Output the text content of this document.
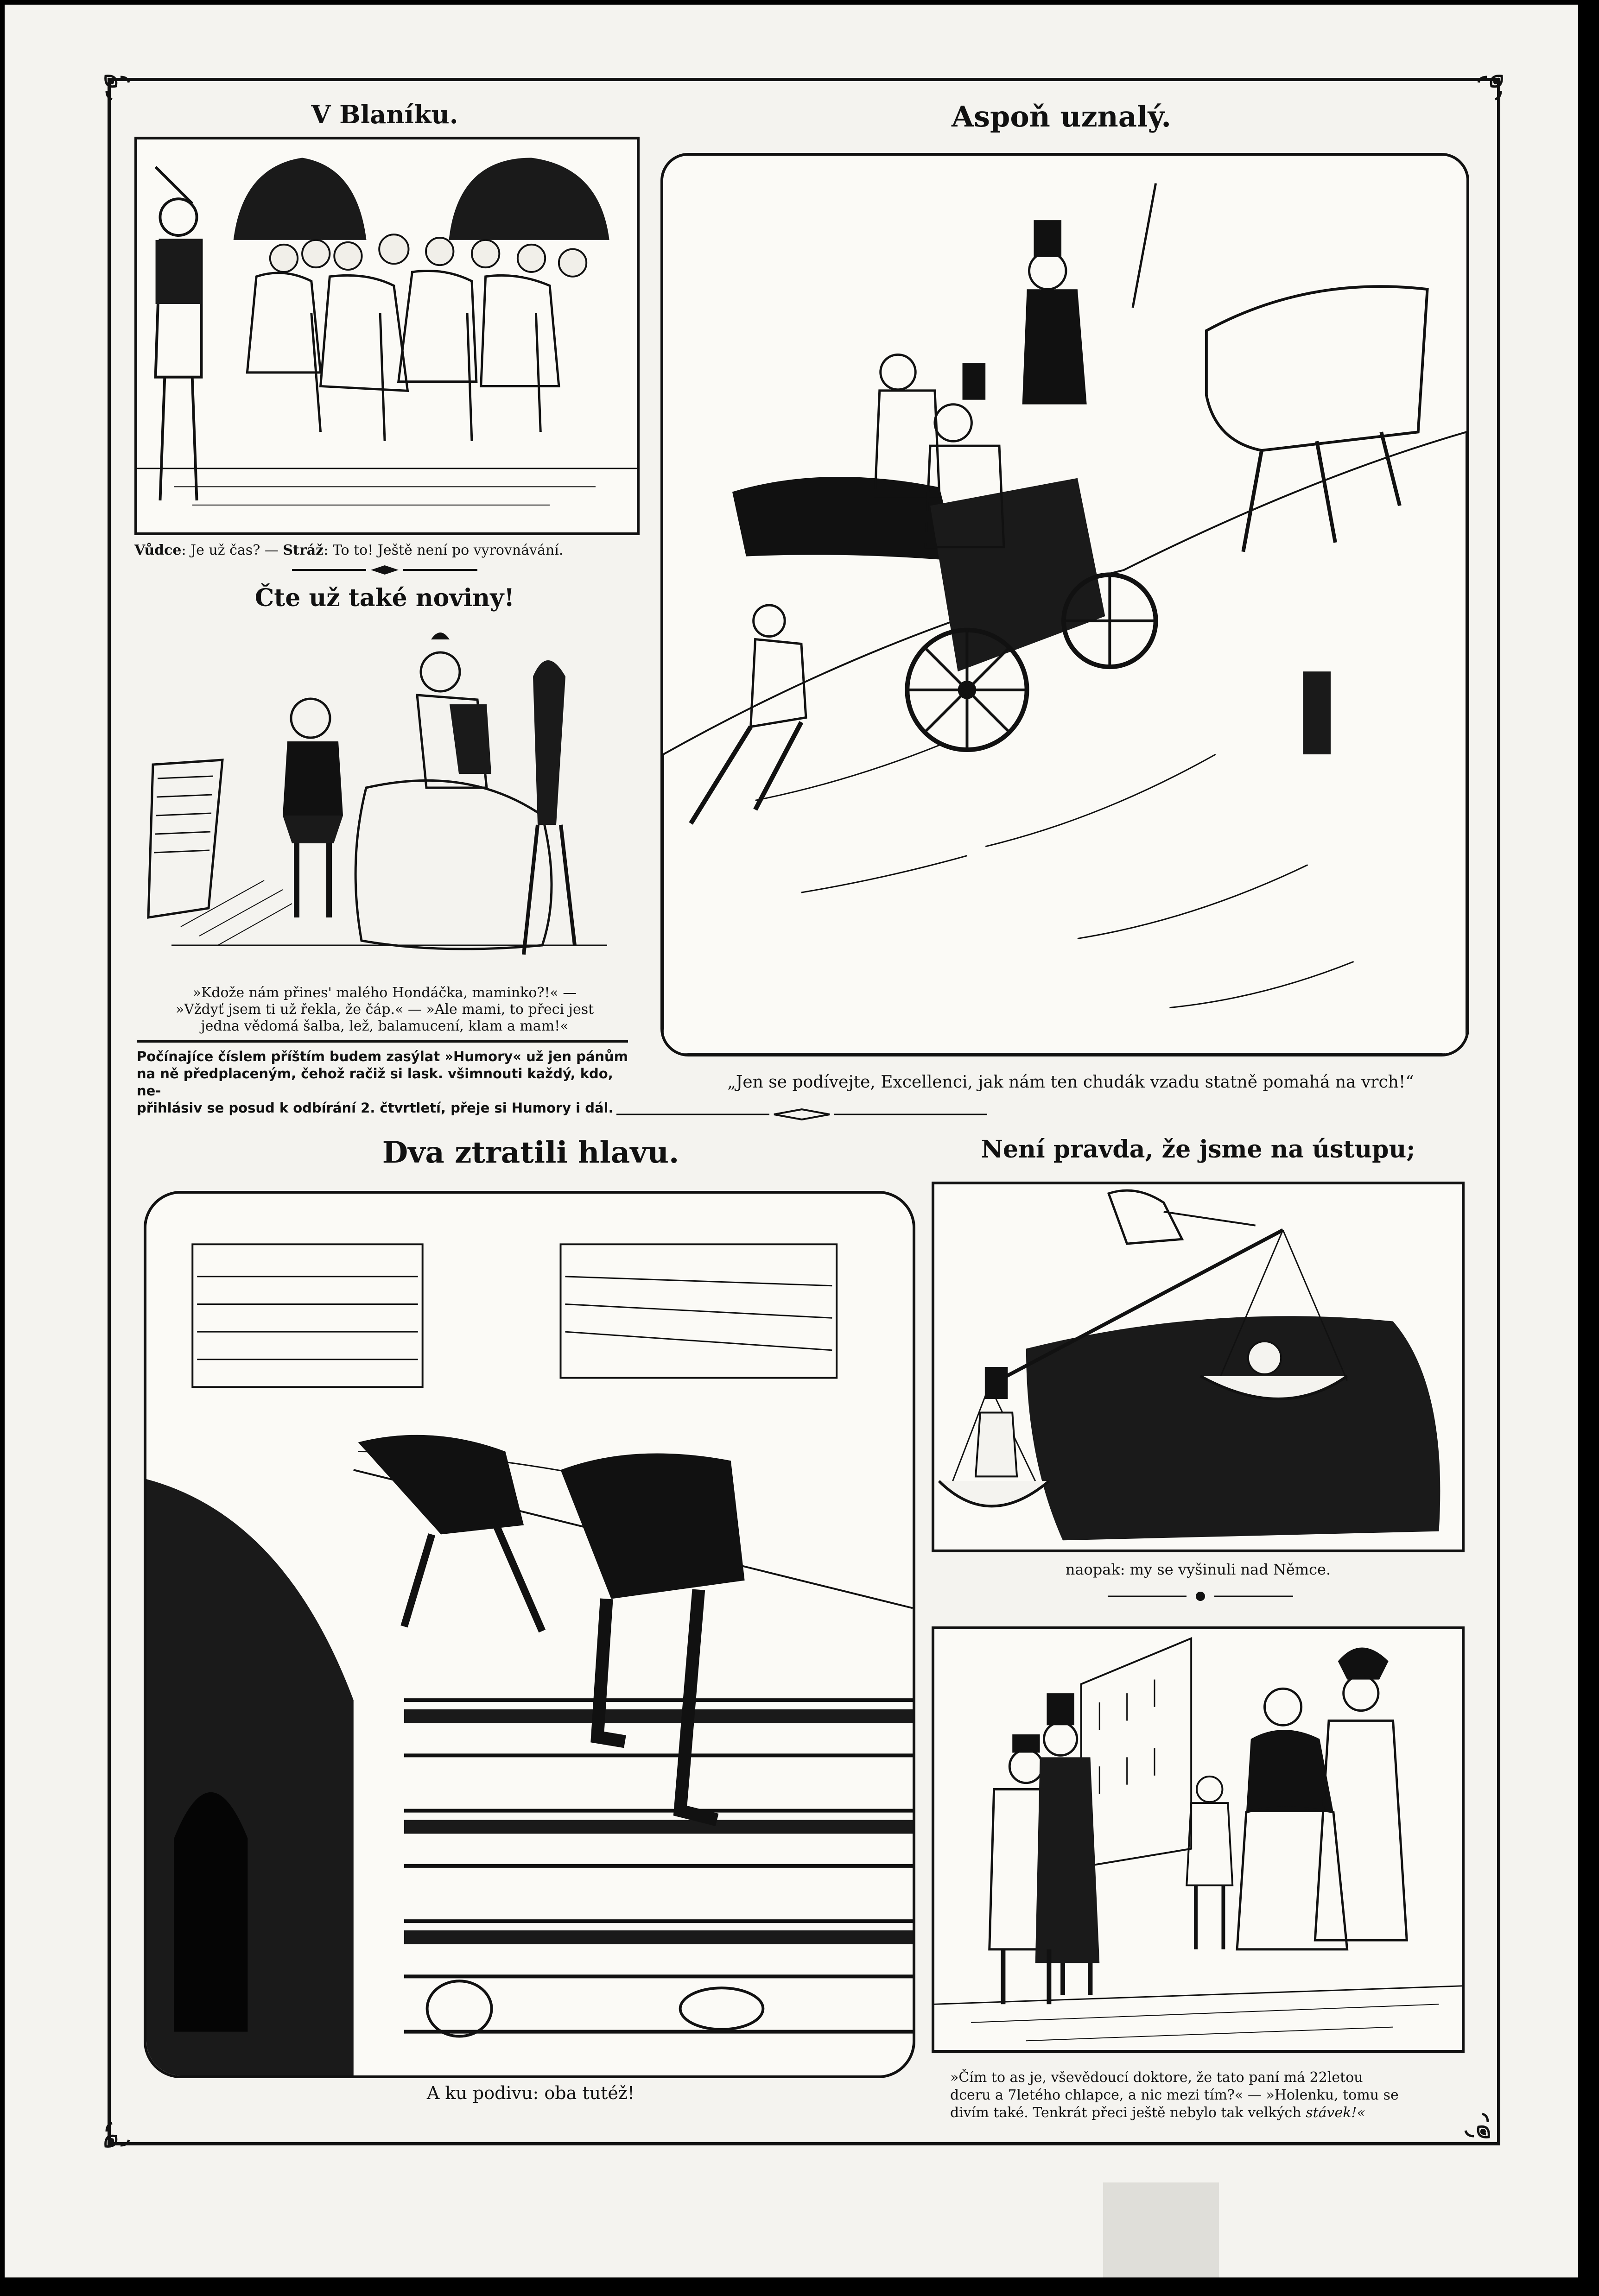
V Blaníku.
Vůdce: Je už čas? — Stráž: To to! Ještě není po vyrovnávání.
Čte už také noviny!
»Kdože nám přines' malého Hondáčka, maminko?!« —
»Vždyť jsem ti už řekla, že čáp.« — »Ale mami, to přeci jest
jedna vědomá šalba, lež, balamucení, klam a mam!«
Počínajíce číslem příštím budem zasýlat »Humory« už jen pánům
na ně předplaceným, čehož račiž si lask. všimnouti každý, kdo, ne-
přihlásiv se posud k odbírání 2. čtvrtletí, přeje si Humory i dál.
Aspoň uznalý.
„Jen se podívejte, Excellenci, jak nám ten chudák vzadu statně pomahá na vrch!“
Dva ztratili hlavu.
A ku podivu: oba tutéž!
Není pravda, že jsme na ústupu;
naopak: my se vyšinuli nad Němce.
»Čím to as je, vševědoucí doktore, že tato paní má 22letou
dceru a 7letého chlapce, a nic mezi tím?« — »Holenku, tomu se
divím také. Tenkrát přeci ještě nebylo tak velkých stávek!«
